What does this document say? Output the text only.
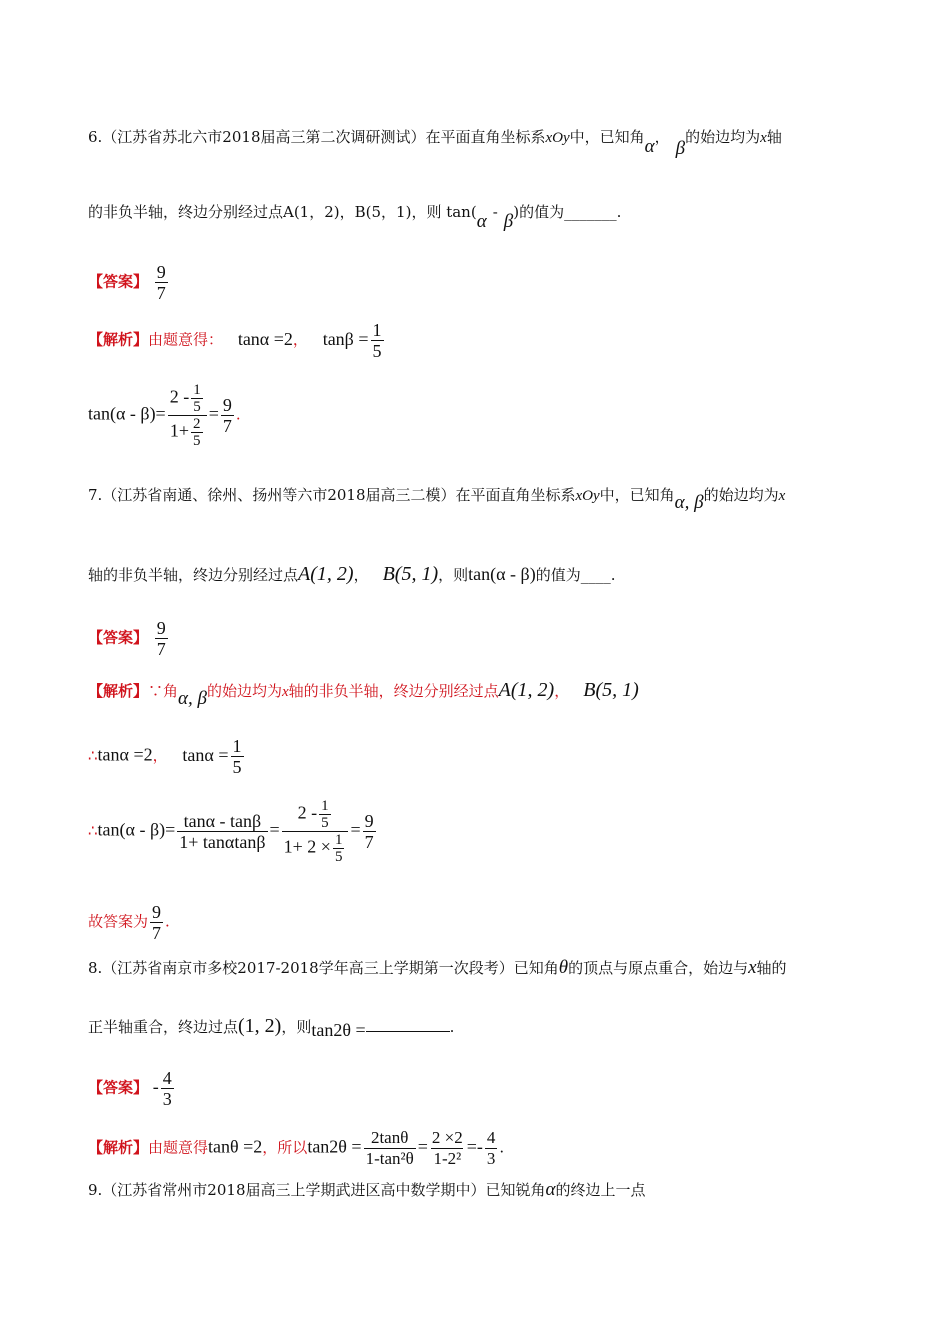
6.（江苏省苏北六市2018届高三第二次调研测试）在平面直角坐标系xOy中，已知角α，β的始边均为x轴
的非负半轴，终边分别经过点A(1，2)，B(5，1)，则 tan(α - β)的值为_______.
【答案】 $\frac{9}{7}$
【解析】由题意得： tanα =2， $\tan\beta = \frac{1}{5}$
$\tan(\alpha - \beta)= \frac{2 - \frac{1}{5}}{1+ \frac{2}{5}} = \frac{9}{7}$ .
7.（江苏省南通、徐州、扬州等六市2018届高三二模）在平面直角坐标系xOy中，已知角α, β的始边均为x
轴的非负半轴，终边分别经过点A(1, 2)， B(5, 1)，则tan(α - β)的值为____.
【答案】 $\frac{9}{7}$
【解析】∵角α, β的始边均为x轴的非负半轴，终边分别经过点A(1, 2)， B(5, 1)
∴tanα =2， $\tan\alpha = \frac{1}{5}$
∴tan(α - $\beta)= \frac{\tan\alpha - \tan\beta}{1+ \tan\alpha\tan\beta} = \frac{2 - \frac{1}{5}}{1+ 2 \times \frac{1}{5}} = \frac{9}{7}$
故答案为 $\frac{9}{7}$ .
8.（江苏省南京市多校2017-2018学年高三上学期第一次段考）已知角θ的顶点与原点重合，始边与x轴的
正半轴重合，终边过点(1, 2)，则tan2θ =	.
【答案】 - $\frac{4}{3}$
【解析】由题意得tanθ =2，所以$\tan 2\theta = \frac{2\tan\theta}{\text{1-tan²θ}} = \frac{2 \times 2}{\text{1-2²}} =- \frac{4}{3}$ .
9.（江苏省常州市2018届高三上学期武进区高中数学期中）已知锐角α的终边上一点
